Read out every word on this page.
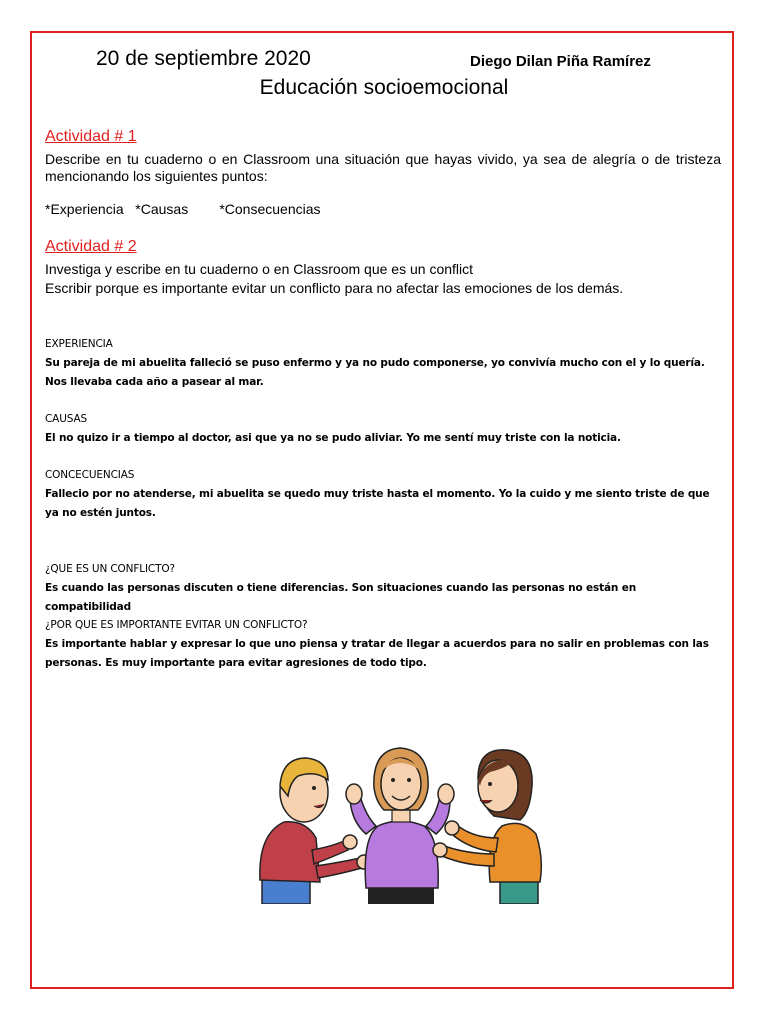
20 de septiembre 2020	Diego Dilan Piña Ramírez
Educación socioemocional
Actividad # 1
Describe en tu cuaderno o en Classroom una situación que hayas vivido, ya sea de alegría o de tristeza mencionando los siguientes puntos:
*Experiencia *Causas *Consecuencias
Actividad # 2
Investiga y escribe en tu cuaderno o en Classroom que es un conflict
Escribir porque es importante evitar un conflicto para no afectar las emociones de los demás.
EXPERIENCIA
Su pareja de mi abuelita falleció se puso enfermo y ya no pudo componerse, yo convivía mucho con el y lo quería. Nos llevaba cada año a pasear al mar.
CAUSAS
El no quizo ir a tiempo al doctor, asi que ya no se pudo aliviar. Yo me sentí muy triste con la noticia.
CONCECUENCIAS
Fallecio por no atenderse, mi abuelita se quedo muy triste hasta el momento. Yo la cuido y me siento triste de que ya no estén juntos.
¿QUE ES UN CONFLICTO?
Es cuando las personas discuten o tiene diferencias. Son situaciones cuando las personas no están en compatibilidad
¿POR QUE ES IMPORTANTE EVITAR UN CONFLICTO?
Es importante hablar y expresar lo que uno piensa y tratar de llegar a acuerdos para no salir en problemas con las personas. Es muy importante para evitar agresiones de todo tipo.
